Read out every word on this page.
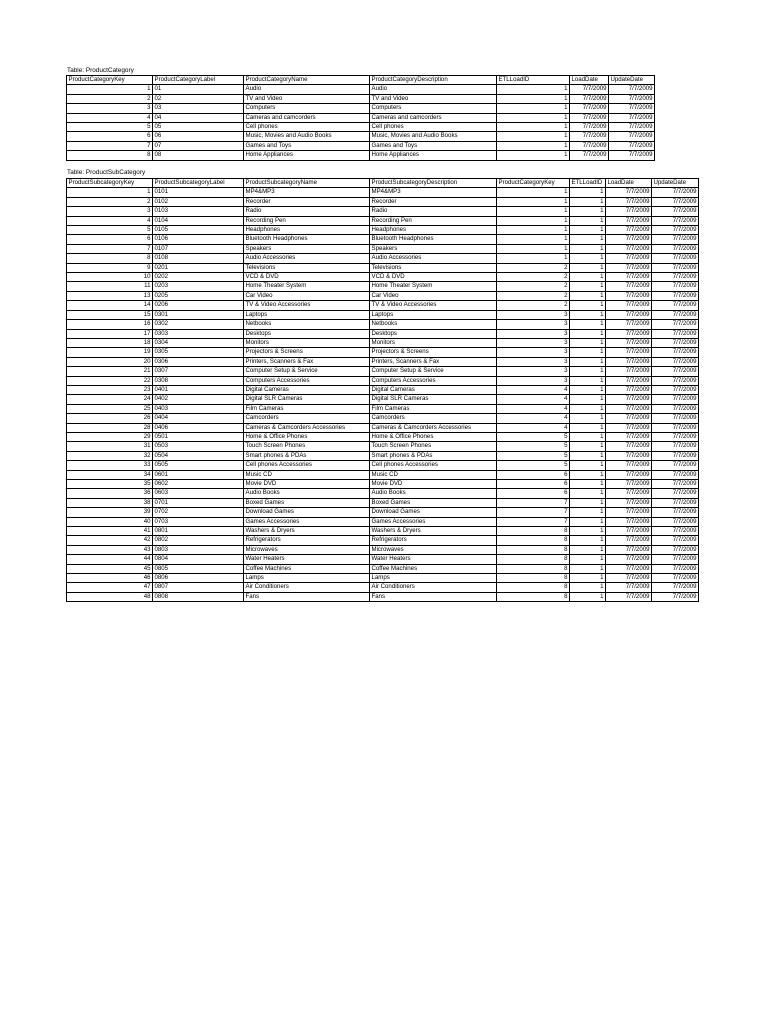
Table: ProductCategory
ProductCategoryKey	ProductCategoryLabel	ProductCategoryName	ProductCategoryDescription	ETLLoadID	LoadDate	UpdateDate
1	01	Audio	Audio	1	7/7/2009	7/7/2009
2	02	TV and Video	TV and Video	1	7/7/2009	7/7/2009
3	03	Computers	Computers	1	7/7/2009	7/7/2009
4	04	Cameras and camcorders	Cameras and camcorders	1	7/7/2009	7/7/2009
5	05	Cell phones	Cell phones	1	7/7/2009	7/7/2009
6	06	Music, Movies and Audio Books	Music, Movies and Audio Books	1	7/7/2009	7/7/2009
7	07	Games and Toys	Games and Toys	1	7/7/2009	7/7/2009
8	08	Home Appliances	Home Appliances	1	7/7/2009	7/7/2009
Table: ProductSubCategory
ProductSubcategoryKey	ProductSubcategoryLabel	ProductSubcategoryName	ProductSubcategoryDescription	ProductCategoryKey	ETLLoadID	LoadDate	UpdateDate
1	0101	MP4&MP3	MP4&MP3	1	1	7/7/2009	7/7/2009
2	0102	Recorder	Recorder	1	1	7/7/2009	7/7/2009
3	0103	Radio	Radio	1	1	7/7/2009	7/7/2009
4	0104	Recording Pen	Recording Pen	1	1	7/7/2009	7/7/2009
5	0105	Headphones	Headphones	1	1	7/7/2009	7/7/2009
6	0106	Bluetooth Headphones	Bluetooth Headphones	1	1	7/7/2009	7/7/2009
7	0107	Speakers	Speakers	1	1	7/7/2009	7/7/2009
8	0108	Audio Accessories	Audio Accessories	1	1	7/7/2009	7/7/2009
9	0201	Televisions	Televisions	2	1	7/7/2009	7/7/2009
10	0202	VCD & DVD	VCD & DVD	2	1	7/7/2009	7/7/2009
11	0203	Home Theater System	Home Theater System	2	1	7/7/2009	7/7/2009
13	0205	Car Video	Car Video	2	1	7/7/2009	7/7/2009
14	0206	TV & Video Accessories	TV & Video Accessories	2	1	7/7/2009	7/7/2009
15	0301	Laptops	Laptops	3	1	7/7/2009	7/7/2009
16	0302	Netbooks	Netbooks	3	1	7/7/2009	7/7/2009
17	0303	Desktops	Desktops	3	1	7/7/2009	7/7/2009
18	0304	Monitors	Monitors	3	1	7/7/2009	7/7/2009
19	0305	Projectors & Screens	Projectors & Screens	3	1	7/7/2009	7/7/2009
20	0306	Printers, Scanners & Fax	Printers, Scanners & Fax	3	1	7/7/2009	7/7/2009
21	0307	Computer Setup & Service	Computer Setup & Service	3	1	7/7/2009	7/7/2009
22	0308	Computers Accessories	Computers Accessories	3	1	7/7/2009	7/7/2009
23	0401	Digital Cameras	Digital Cameras	4	1	7/7/2009	7/7/2009
24	0402	Digital SLR Cameras	Digital SLR Cameras	4	1	7/7/2009	7/7/2009
25	0403	Film Cameras	Film Cameras	4	1	7/7/2009	7/7/2009
26	0404	Camcorders	Camcorders	4	1	7/7/2009	7/7/2009
28	0406	Cameras & Camcorders Accessories	Cameras & Camcorders Accessories	4	1	7/7/2009	7/7/2009
29	0501	Home & Office Phones	Home & Office Phones	5	1	7/7/2009	7/7/2009
31	0503	Touch Screen Phones	Touch Screen Phones	5	1	7/7/2009	7/7/2009
32	0504	Smart phones & PDAs	Smart phones & PDAs	5	1	7/7/2009	7/7/2009
33	0505	Cell phones Accessories	Cell phones Accessories	5	1	7/7/2009	7/7/2009
34	0601	Music CD	Music CD	6	1	7/7/2009	7/7/2009
35	0602	Movie DVD	Movie DVD	6	1	7/7/2009	7/7/2009
36	0603	Audio Books	Audio Books	6	1	7/7/2009	7/7/2009
38	0701	Boxed Games	Boxed Games	7	1	7/7/2009	7/7/2009
39	0702	Download Games	Download Games	7	1	7/7/2009	7/7/2009
40	0703	Games Accessories	Games Accessories	7	1	7/7/2009	7/7/2009
41	0801	Washers & Dryers	Washers & Dryers	8	1	7/7/2009	7/7/2009
42	0802	Refrigerators	Refrigerators	8	1	7/7/2009	7/7/2009
43	0803	Microwaves	Microwaves	8	1	7/7/2009	7/7/2009
44	0804	Water Heaters	Water Heaters	8	1	7/7/2009	7/7/2009
45	0805	Coffee Machines	Coffee Machines	8	1	7/7/2009	7/7/2009
46	0806	Lamps	Lamps	8	1	7/7/2009	7/7/2009
47	0807	Air Conditioners	Air Conditioners	8	1	7/7/2009	7/7/2009
48	0808	Fans	Fans	8	1	7/7/2009	7/7/2009
